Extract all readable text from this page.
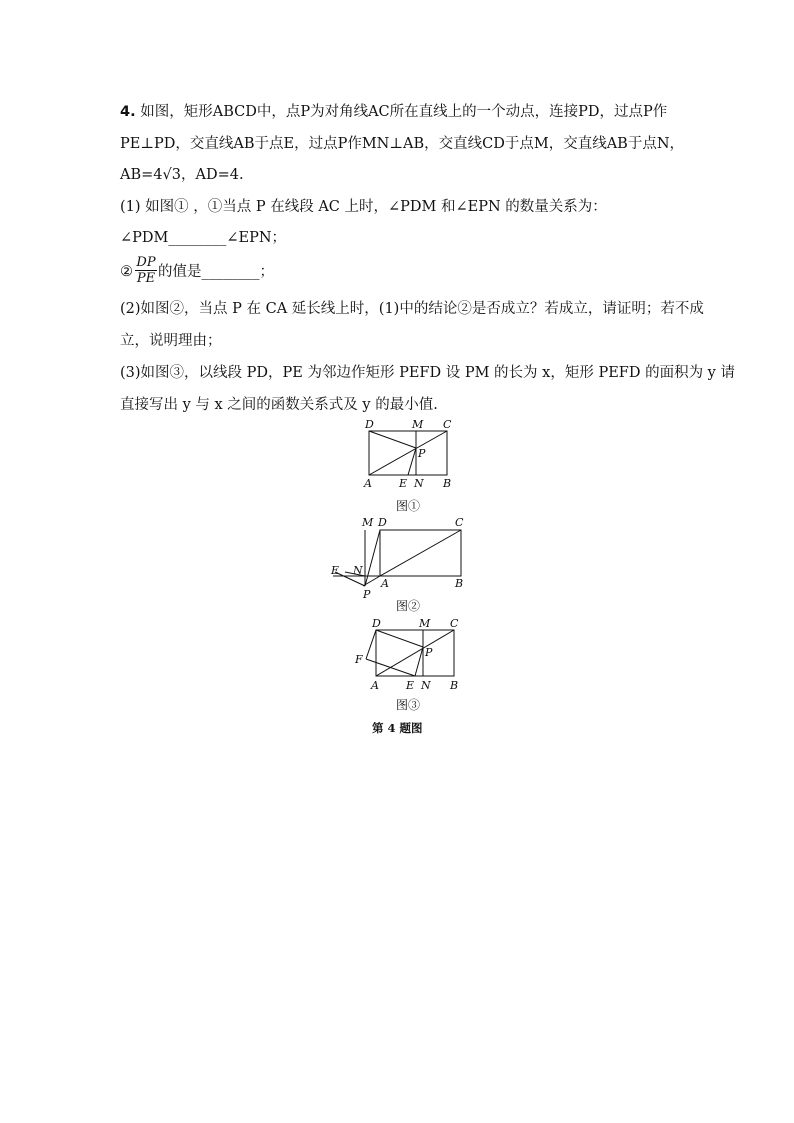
4. 如图，矩形ABCD中，点P为对角线AC所在直线上的一个动点，连接PD，过点P作
PE⊥PD，交直线AB于点E，过点P作MN⊥AB，交直线CD于点M，交直线AB于点N，
AB=4√3，AD=4.
(1) 如图① ，①当点 P 在线段 AC 上时，∠PDM 和∠EPN 的数量关系为：
∠PDM________∠EPN；
② $\frac{DP}{PE}$ 的值是________；
(2)如图②，当点 P 在 CA 延长线上时，(1)中的结论②是否成立？若成立，请证明；若不成
立，说明理由；
(3)如图③，以线段 PD，PE 为邻边作矩形 PEFD 设 PM 的长为 x，矩形 PEFD 的面积为 y 请
直接写出 y 与 x 之间的函数关系式及 y 的最小值.
D	M C
P
A E N B
图①
M D	C
E N
A	B
P
图②
D	M C
F
P
A E N B
图③
第 4 题图
